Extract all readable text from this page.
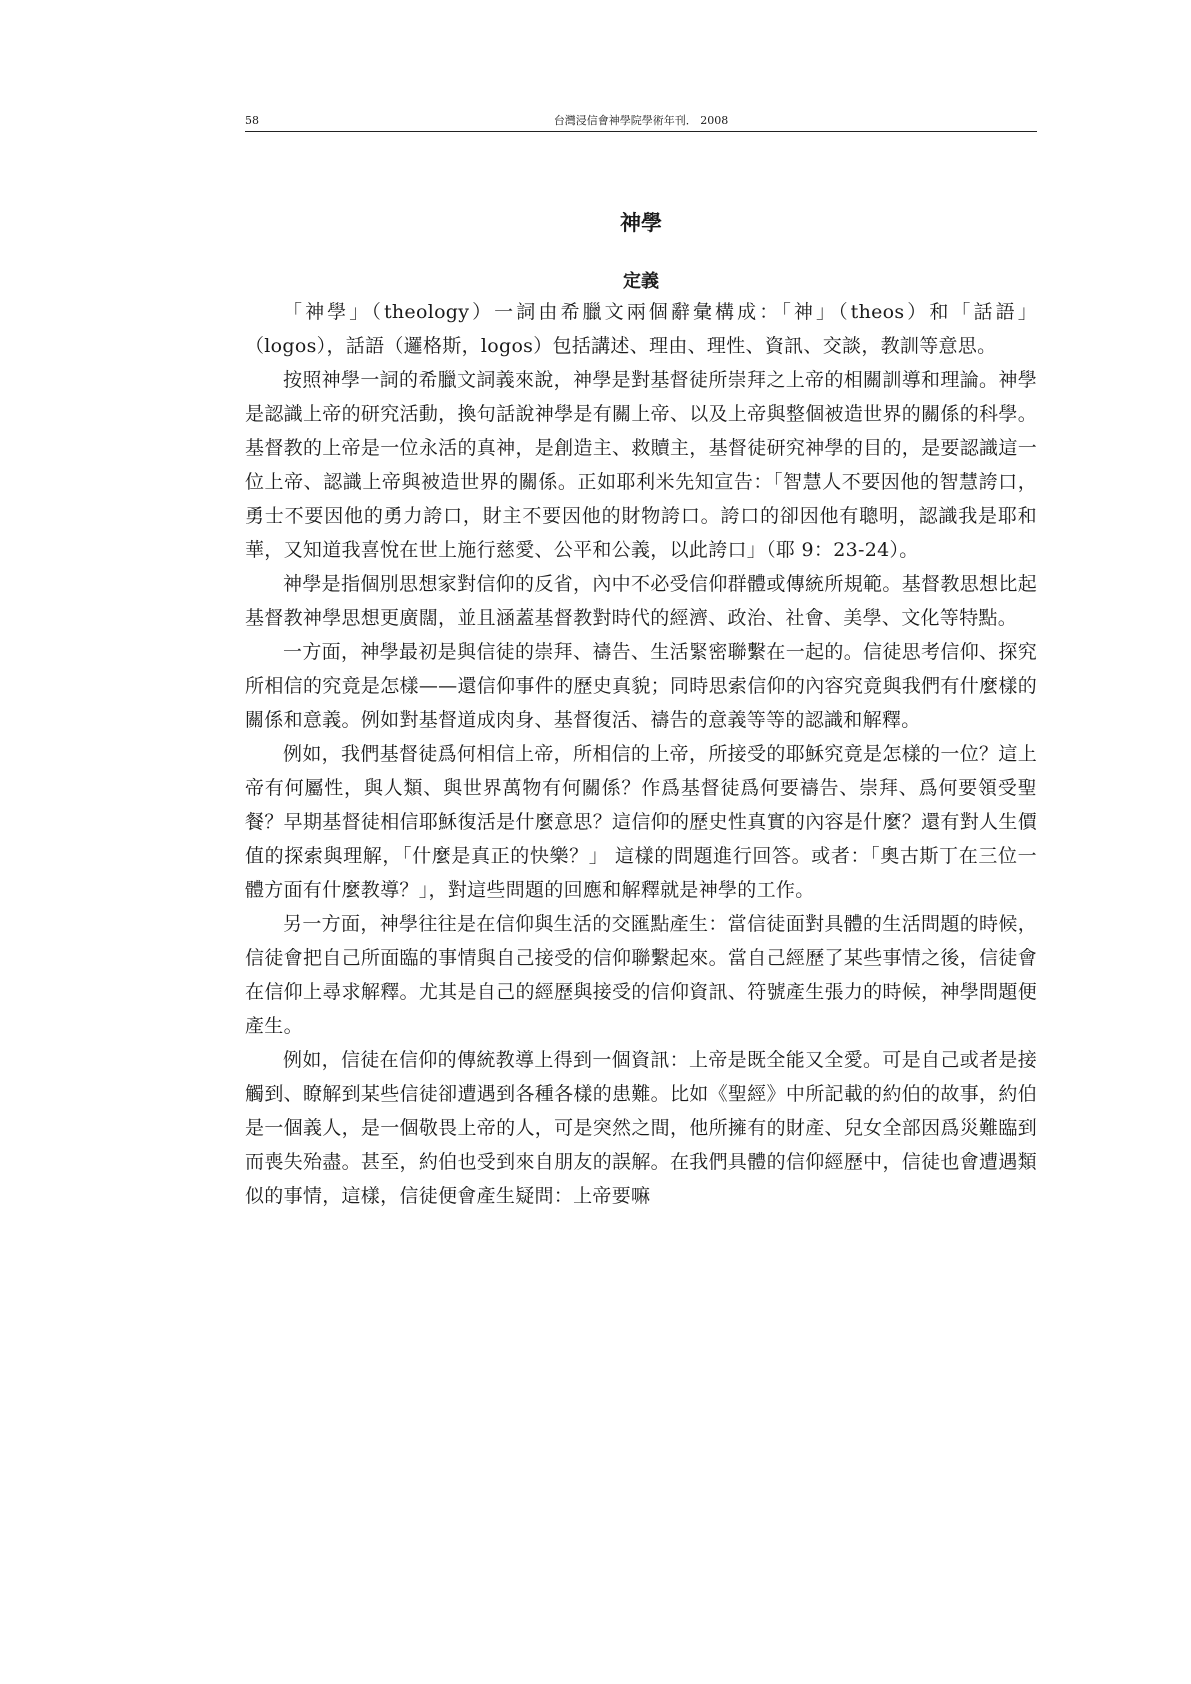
58	台灣浸信會神學院學術年刊． 2008
神學
定義

「神學」（theology）一詞由希臘文兩個辭彙構成：「神」（theos）和「話語」（logos），話語（邏格斯，logos）包括講述、理由、理性、資訊、交談，教訓等意思。

按照神學一詞的希臘文詞義來說，神學是對基督徒所崇拜之上帝的相關訓導和理論。神學是認識上帝的研究活動，換句話說神學是有關上帝、以及上帝與整個被造世界的關係的科學。基督教的上帝是一位永活的真神，是創造主、救贖主，基督徒研究神學的目的，是要認識這一位上帝、認識上帝與被造世界的關係。正如耶利米先知宣告：「智慧人不要因他的智慧誇口，勇士不要因他的勇力誇口，財主不要因他的財物誇口。誇口的卻因他有聰明，認識我是耶和華，又知道我喜悅在世上施行慈愛、公平和公義，以此誇口」（耶 9：23-24）。

神學是指個別思想家對信仰的反省，內中不必受信仰群體或傳統所規範。基督教思想比起基督教神學思想更廣闊，並且涵蓋基督教對時代的經濟、政治、社會、美學、文化等特點。

一方面，神學最初是與信徒的崇拜、禱告、生活緊密聯繫在一起的。信徒思考信仰、探究所相信的究竟是怎樣——還信仰事件的歷史真貌；同時思索信仰的內容究竟與我們有什麼樣的關係和意義。例如對基督道成肉身、基督復活、禱告的意義等等的認識和解釋。

例如，我們基督徒爲何相信上帝，所相信的上帝，所接受的耶穌究竟是怎樣的一位？這上帝有何屬性，與人類、與世界萬物有何關係？作爲基督徒爲何要禱告、崇拜、爲何要領受聖餐？早期基督徒相信耶穌復活是什麼意思？這信仰的歷史性真實的內容是什麼？還有對人生價值的探索與理解，「什麼是真正的快樂？」 這樣的問題進行回答。或者：「奧古斯丁在三位一體方面有什麼教導？」，對這些問題的回應和解釋就是神學的工作。

另一方面，神學往往是在信仰與生活的交匯點產生：當信徒面對具體的生活問題的時候，信徒會把自己所面臨的事情與自己接受的信仰聯繫起來。當自己經歷了某些事情之後，信徒會在信仰上尋求解釋。尤其是自己的經歷與接受的信仰資訊、符號產生張力的時候，神學問題便產生。

例如，信徒在信仰的傳統教導上得到一個資訊：上帝是既全能又全愛。可是自己或者是接觸到、瞭解到某些信徒卻遭遇到各種各樣的患難。比如《聖經》中所記載的約伯的故事，約伯是一個義人，是一個敬畏上帝的人，可是突然之間，他所擁有的財產、兒女全部因爲災難臨到而喪失殆盡。甚至，約伯也受到來自朋友的誤解。在我們具體的信仰經歷中，信徒也會遭遇類似的事情，這樣，信徒便會產生疑問：上帝要嘛
